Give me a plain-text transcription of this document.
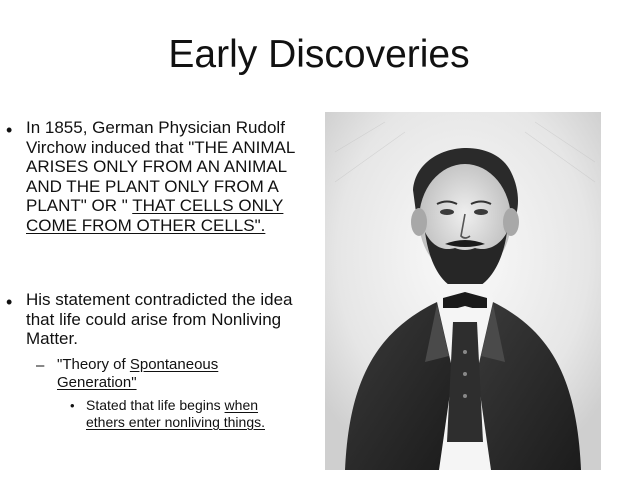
Early Discoveries
• In 1855, German Physician Rudolf Virchow induced that "THE ANIMAL ARISES ONLY FROM AN ANIMAL AND THE PLANT ONLY FROM A PLANT" OR " THAT CELLS ONLY COME FROM OTHER CELLS".
• His statement contradicted the idea that life could arise from Nonliving Matter.
– "Theory of Spontaneous Generation"
• Stated that life begins when ethers enter nonliving things.
